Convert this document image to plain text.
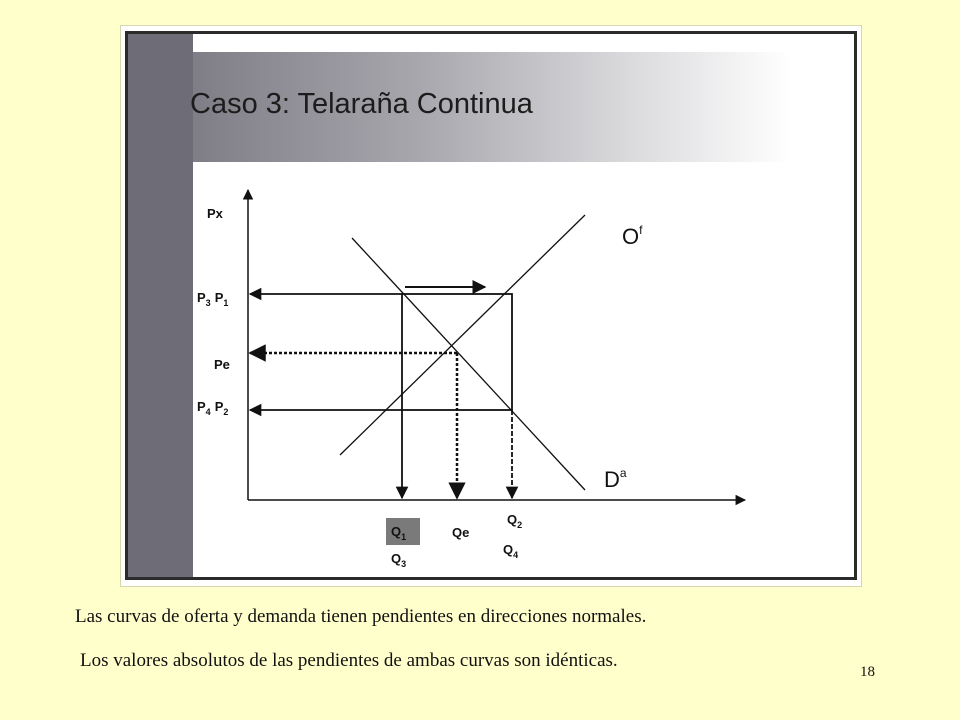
Caso 3: Telaraña Continua
Px
$P_3$ $P_1$
Pe
$P_4$ $P_2$
$O^f$
$D^a$
$Q_1$
$Q_3$
Qe
$Q_2$
$Q_4$
Las curvas de oferta y demanda tienen pendientes en direcciones normales.
Los valores absolutos de las pendientes de ambas curvas son idénticas.
18
